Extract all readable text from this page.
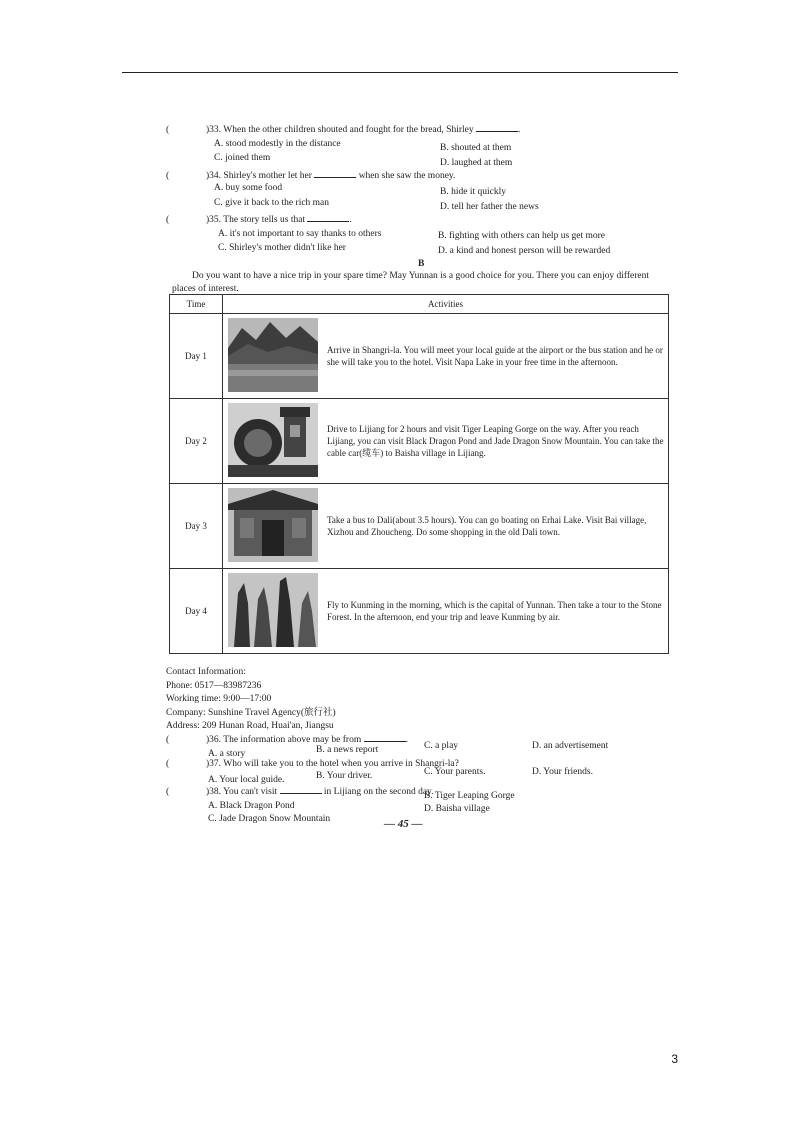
(	)33. When the other children shouted and fought for the bread, Shirley	.
A. stood modestly in the distance	B. shouted at them
C. joined them	D. laughed at them
(	)34. Shirley's mother let her	when she saw the money.
A. buy some food	B. hide it quickly
C. give it back to the rich man	D. tell her father the news
(	)35. The story tells us that	.
A. it's not important to say thanks to others	B. fighting with others can help us get more
C. Shirley's mother didn't like her	D. a kind and honest person will be rewarded
B
Do you want to have a nice trip in your spare time? May Yunnan is a good choice for you. There you can enjoy different places of interest.
Time	Activities	
Day 1		Arrive in Shangri-la. You will meet your local guide at the airport or the bus station and he or she will take you to the hotel. Visit Napa Lake in your free time in the afternoon.
Day 2		Drive to Lijiang for 2 hours and visit Tiger Leaping Gorge on the way. After you reach Lijiang, you can visit Black Dragon Pond and Jade Dragon Snow Mountain. You can take the cable car(缆车) to Baisha village in Lijiang.
Day 3		Take a bus to Dali(about 3.5 hours). You can go boating on Erhai Lake. Visit Bai village, Xizhou and Zhoucheng. Do some shopping in the old Dali town.
Day 4		Fly to Kunming in the morning, which is the capital of Yunnan. Then take a tour to the Stone Forest. In the afternoon, end your trip and leave Kunming by air.
Contact Information:
Phone: 0517—83987236
Working time: 9:00—17:00
Company: Sunshine Travel Agency(旅行社)
Address: 209 Hunan Road, Huai'an, Jiangsu
(	)36. The information above may be from	.
A. a story	B. a news report	C. a play	D. an advertisement
(	)37. Who will take you to the hotel when you arrive in Shangri-la?
A. Your local guide.	B. Your driver.	C. Your parents.	D. Your friends.
(	)38. You can't visit	in Lijiang on the second day.
A. Black Dragon Pond
B. Tiger Leaping Gorge
C. Jade Dragon Snow Mountain
D. Baisha village
— 45 —
3
